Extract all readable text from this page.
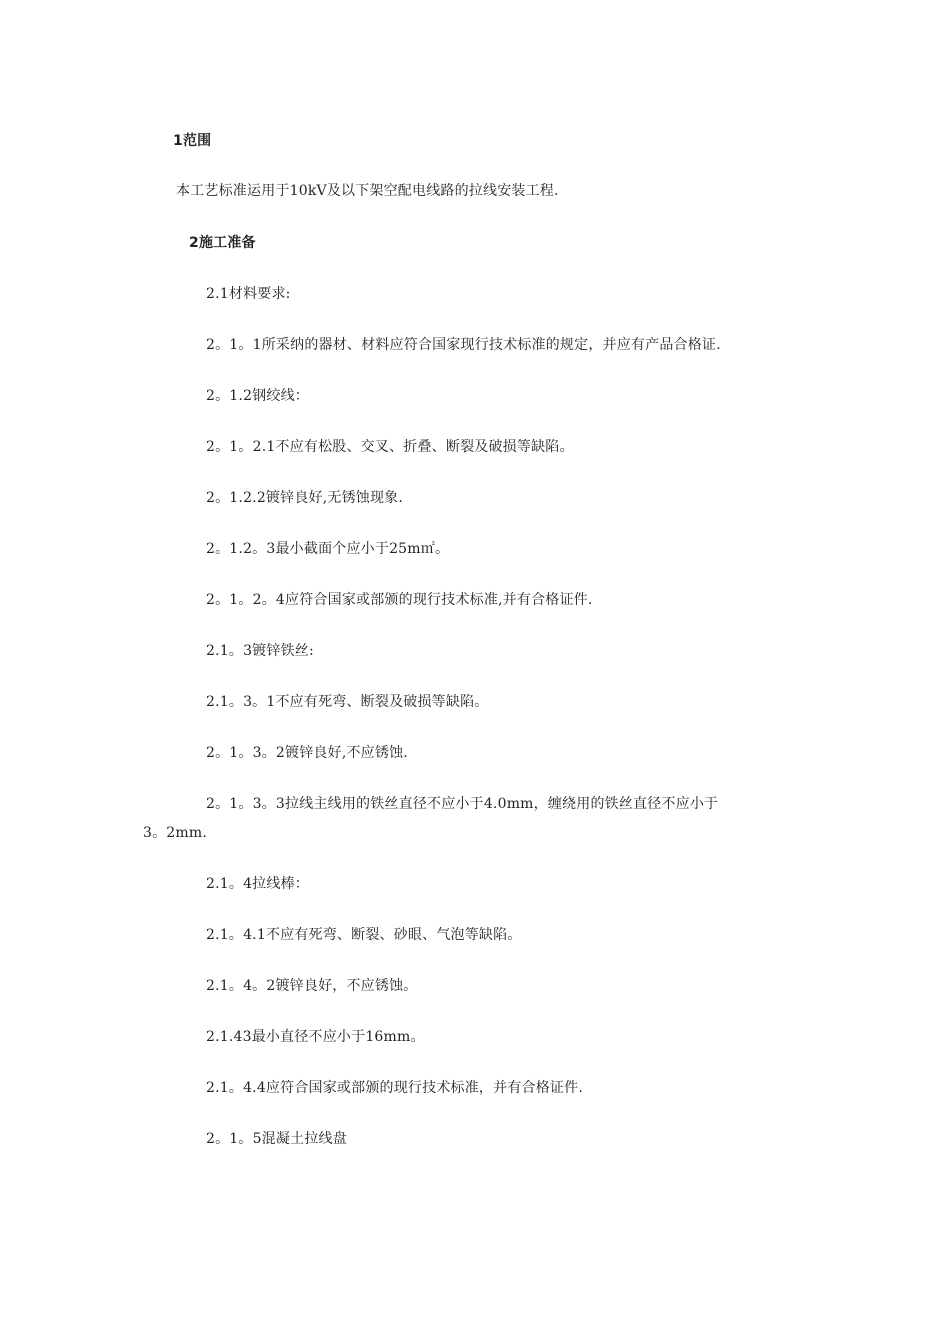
1范围
本工艺标准运用于10kV及以下架空配电线路的拉线安装工程.
2施工准备
2.1材料要求:
2。1。1所采纳的器材、材料应符合国家现行技术标准的规定，并应有产品合格证.
2。1.2钢绞线：
2。1。2.1不应有松股、交叉、折叠、断裂及破损等缺陷。
2。1.2.2镀锌良好,无锈蚀现象.
2。1.2。3最小截面个应小于25m㎡。
2。1。2。4应符合国家或部颁的现行技术标准,并有合格证件.
2.1。3镀锌铁丝:
2.1。3。1不应有死弯、断裂及破损等缺陷。
2。1。3。2镀锌良好,不应锈蚀.
2。1。3。3拉线主线用的铁丝直径不应小于4.0mm，缠绕用的铁丝直径不应小于
3。2mm.
2.1。4拉线棒：
2.1。4.1不应有死弯、断裂、砂眼、气泡等缺陷。
2.1。4。2镀锌良好，不应锈蚀。
2.1.43最小直径不应小于16mm。
2.1。4.4应符合国家或部颁的现行技术标准，并有合格证件.
2。1。5混凝土拉线盘
